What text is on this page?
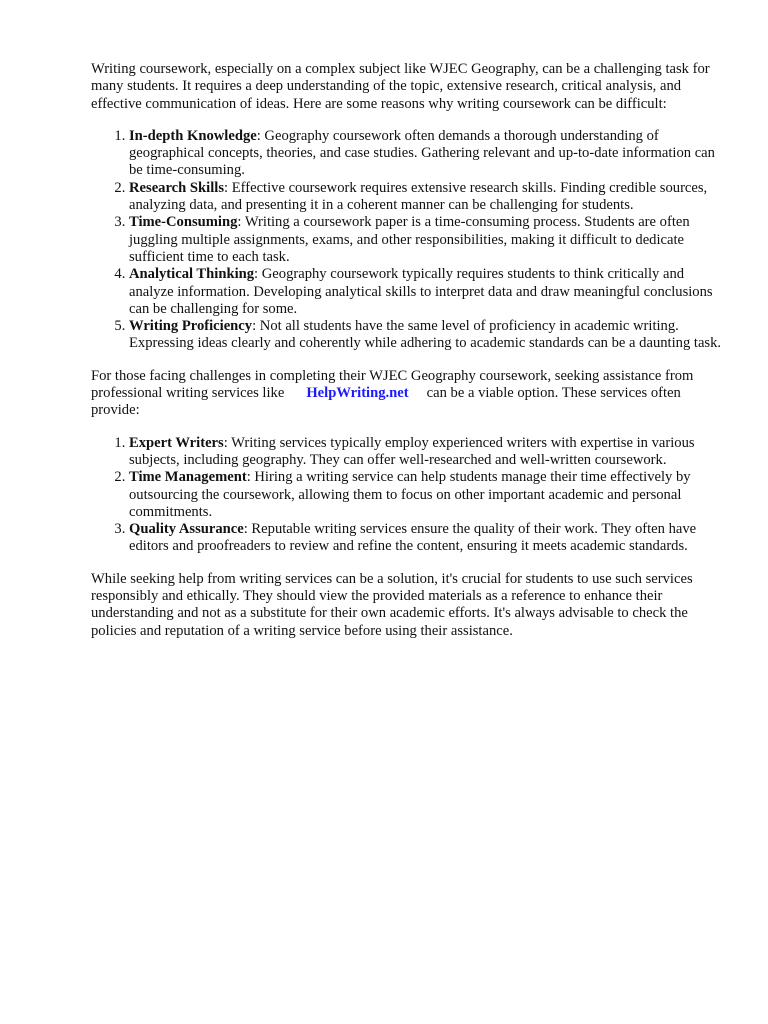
Writing coursework, especially on a complex subject like WJEC Geography, can be a challenging task for many students. It requires a deep understanding of the topic, extensive research, critical analysis, and effective communication of ideas. Here are some reasons why writing coursework can be difficult:

1. In-depth Knowledge: Geography coursework often demands a thorough understanding of geographical concepts, theories, and case studies. Gathering relevant and up-to-date information can be time-consuming.
2. Research Skills: Effective coursework requires extensive research skills. Finding credible sources, analyzing data, and presenting it in a coherent manner can be challenging for students.
3. Time-Consuming: Writing a coursework paper is a time-consuming process. Students are often juggling multiple assignments, exams, and other responsibilities, making it difficult to dedicate sufficient time to each task.
4. Analytical Thinking: Geography coursework typically requires students to think critically and analyze information. Developing analytical skills to interpret data and draw meaningful conclusions can be challenging for some.
5. Writing Proficiency: Not all students have the same level of proficiency in academic writing. Expressing ideas clearly and coherently while adhering to academic standards can be a daunting task.

For those facing challenges in completing their WJEC Geography coursework, seeking assistance from professional writing services like HelpWriting.net can be a viable option. These services often provide:

1. Expert Writers: Writing services typically employ experienced writers with expertise in various subjects, including geography. They can offer well-researched and well-written coursework.
2. Time Management: Hiring a writing service can help students manage their time effectively by outsourcing the coursework, allowing them to focus on other important academic and personal commitments.
3. Quality Assurance: Reputable writing services ensure the quality of their work. They often have editors and proofreaders to review and refine the content, ensuring it meets academic standards.

While seeking help from writing services can be a solution, it's crucial for students to use such services responsibly and ethically. They should view the provided materials as a reference to enhance their understanding and not as a substitute for their own academic efforts. It's always advisable to check the policies and reputation of a writing service before using their assistance.
